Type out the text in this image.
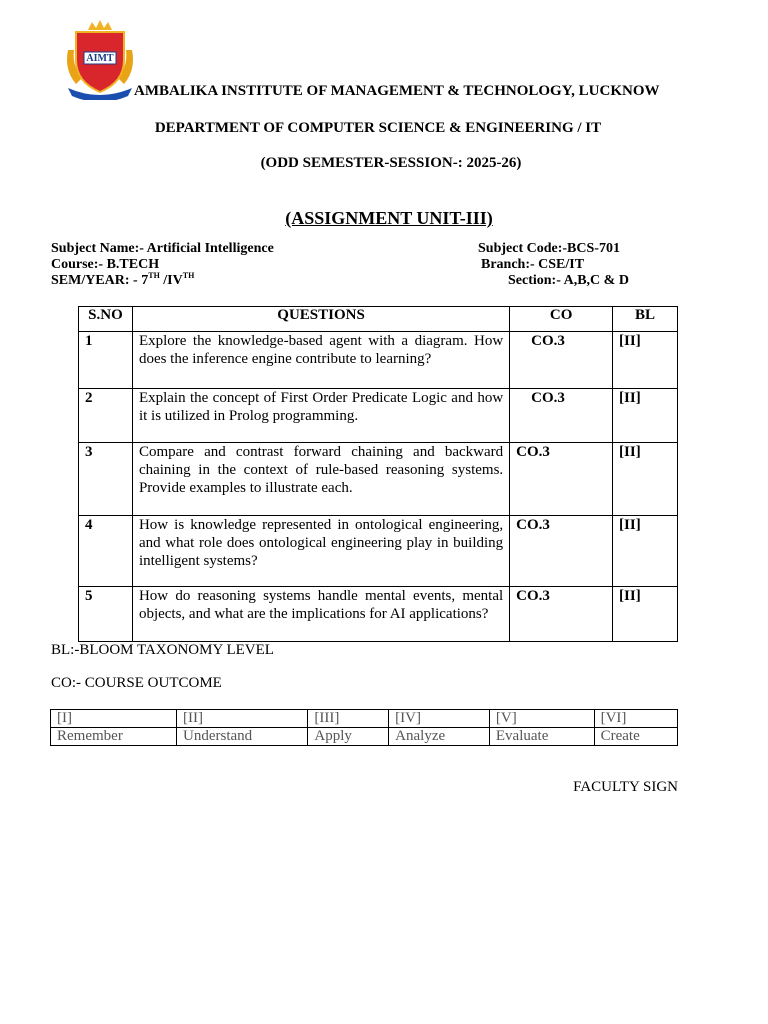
AIMT
AMBALIKA INSTITUTE OF MANAGEMENT & TECHNOLOGY, LUCKNOW
DEPARTMENT OF COMPUTER SCIENCE & ENGINEERING / IT
(ODD SEMESTER-SESSION-: 2025-26)
(ASSIGNMENT UNIT-III)
Subject Name:- Artificial Intelligence	Subject Code:-BCS-701
Course:- B.TECH	Branch:- CSE/IT
SEM/YEAR: - 7TH /IVTH	Section:- A,B,C & D
S.NO	QUESTIONS	CO	BL
1	Explore the knowledge-based agent with a diagram. How does the inference engine contribute to learning?	CO.3	[II]
2	Explain the concept of First Order Predicate Logic and how it is utilized in Prolog programming.	CO.3	[II]
3	Compare and contrast forward chaining and backward chaining in the context of rule-based reasoning systems. Provide examples to illustrate each.	CO.3	[II]
4	How is knowledge represented in ontological engineering, and what role does ontological engineering play in building intelligent systems?	CO.3	[II]
5	How do reasoning systems handle mental events, mental objects, and what are the implications for AI applications?	CO.3	[II]
BL:-BLOOM TAXONOMY LEVEL
CO:- COURSE OUTCOME
[I]	[II]	[III]	[IV]	[V]	[VI]
Remember	Understand	Apply	Analyze	Evaluate	Create
FACULTY SIGN
